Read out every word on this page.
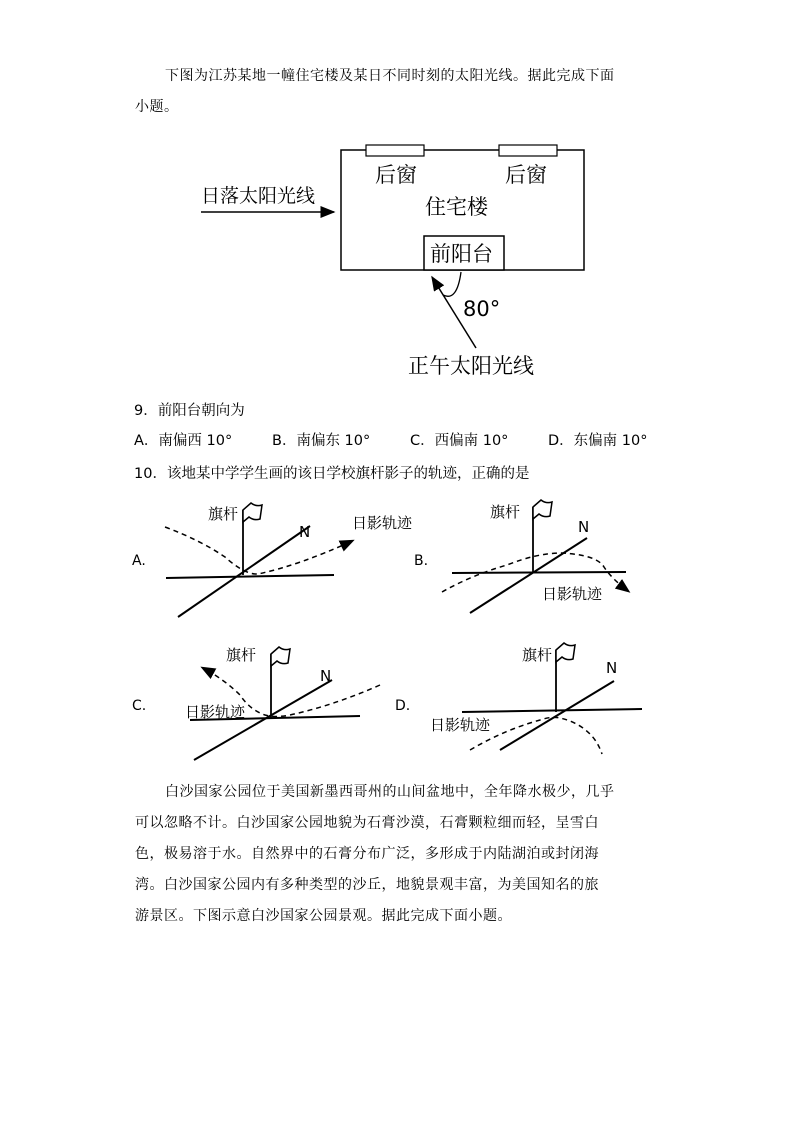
下图为江苏某地一幢住宅楼及某日不同时刻的太阳光线。据此完成下面
小题。
后窗	后窗
住宅楼
前阳台
日落太阳光线
80°
正午太阳光线
9．前阳台朝向为
A．南偏西 10°	B．南偏东 10°	C．西偏南 10°	D．东偏南 10°
10．该地某中学学生画的该日学校旗杆影子的轨迹，正确的是
A.
旗杆
N	日影轨迹
B.
旗杆
N
日影轨迹
C.
旗杆
N
日影轨迹	D.
旗杆
N
日影轨迹
白沙国家公园位于美国新墨西哥州的山间盆地中，全年降水极少，几乎
可以忽略不计。白沙国家公园地貌为石膏沙漠，石膏颗粒细而轻，呈雪白
色，极易溶于水。自然界中的石膏分布广泛，多形成于内陆湖泊或封闭海
湾。白沙国家公园内有多种类型的沙丘，地貌景观丰富，为美国知名的旅
游景区。下图示意白沙国家公园景观。据此完成下面小题。
